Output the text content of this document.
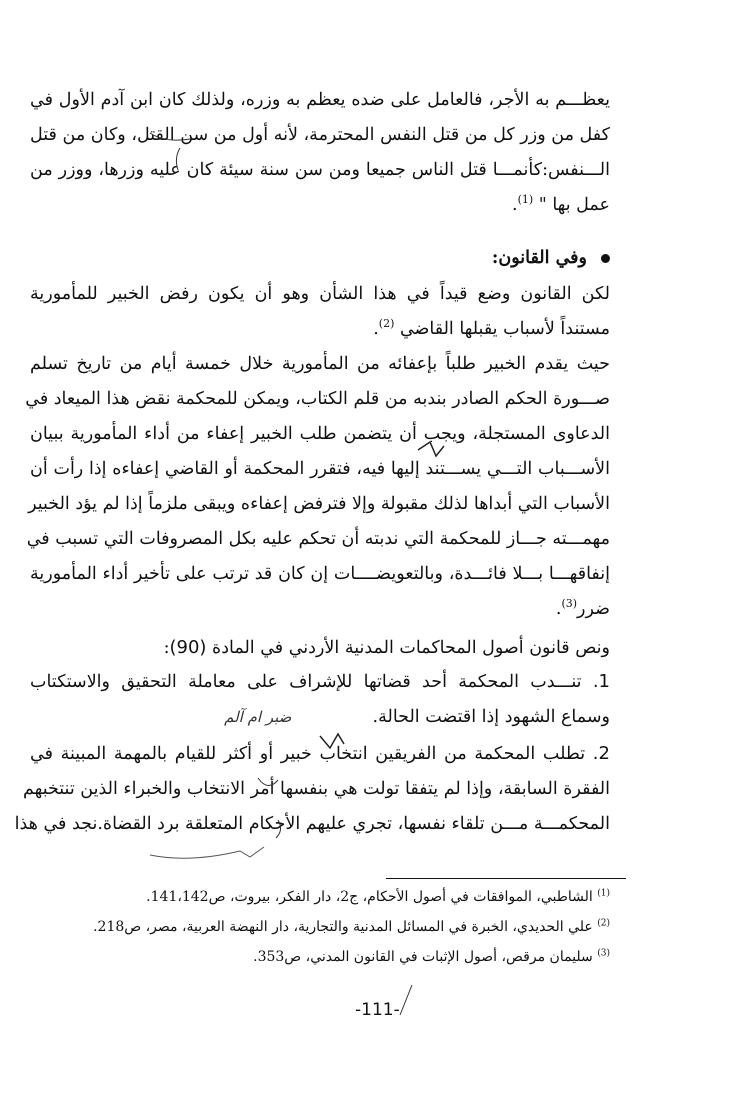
يعظـــم به الأجر، فالعامل على ضده يعظم به وزره، ولذلك كان ابن آدم الأول في
كفل من وزر كل من قتل النفس المحترمة، لأنه أول من سن القتل، وكان من قتل
الـــنفس:كأنمـــا قتل الناس جميعا ومن سن سنة سيئة كان عليه وزرها، ووزر من
عمل بها " $^{(1)}$.
وفي القانون:
لكن القانون وضع قيداً في هذا الشأن وهو أن يكون رفض الخبير للمأمورية
مستنداً لأسباب يقبلها القاضي $^{(2)}$.
حيث يقدم الخبير طلباً بإعفائه من المأمورية خلال خمسة أيام من تاريخ تسلم
صـــورة الحكم الصادر بندبه من قلم الكتاب، ويمكن للمحكمة نقض هذا الميعاد في
الدعاوى المستجلة، ويجب أن يتضمن طلب الخبير إعفاء من أداء المأمورية ببيان
الأســـباب التـــي يســـتند إليها فيه، فتقرر المحكمة أو القاضي إعفاءه إذا رأت أن
الأسباب التي أبداها لذلك مقبولة وإلا فترفض إعفاءه ويبقى ملزماً إذا لم يؤد الخبير
مهمـــته جـــاز للمحكمة التي ندبته أن تحكم عليه بكل المصروفات التي تسبب في
إنفاقهـــا بـــلا فائـــدة، وبالتعويضــــات إن كان قد ترتب على تأخير أداء المأمورية
ضرر$^{(3)}$.
ونص قانون أصول المحاكمات المدنية الأردني في المادة (90):
1. تنـــدب المحكمة أحد قضاتها للإشراف على معاملة التحقيق والاستكتاب
وسماع الشهود إذا اقتضت الحالة.  ضبر ام آلم
2. تطلب المحكمة من الفريقين انتخاب خبير أو أكثر للقيام بالمهمة المبينة في
الفقرة السابقة، وإذا لم يتفقا تولت هي بنفسها أمر الانتخاب والخبراء الذين تنتخبهم
المحكمـــة مـــن تلقاء نفسها، تجري عليهم الأحكام المتعلقة برد القضاة.نجد في هذا
$^{(1)}$ الشاطبي، الموافقات في أصول الأحكام، ج2، دار الفكر، بيروت، ص141،142.
$^{(2)}$ علي الحديدي، الخبرة في المسائل المدنية والتجارية، دار النهضة العربية، مصر، ص218.
$^{(3)}$ سليمان مرقص، أصول الإثبات في القانون المدني، ص353.
-111-
